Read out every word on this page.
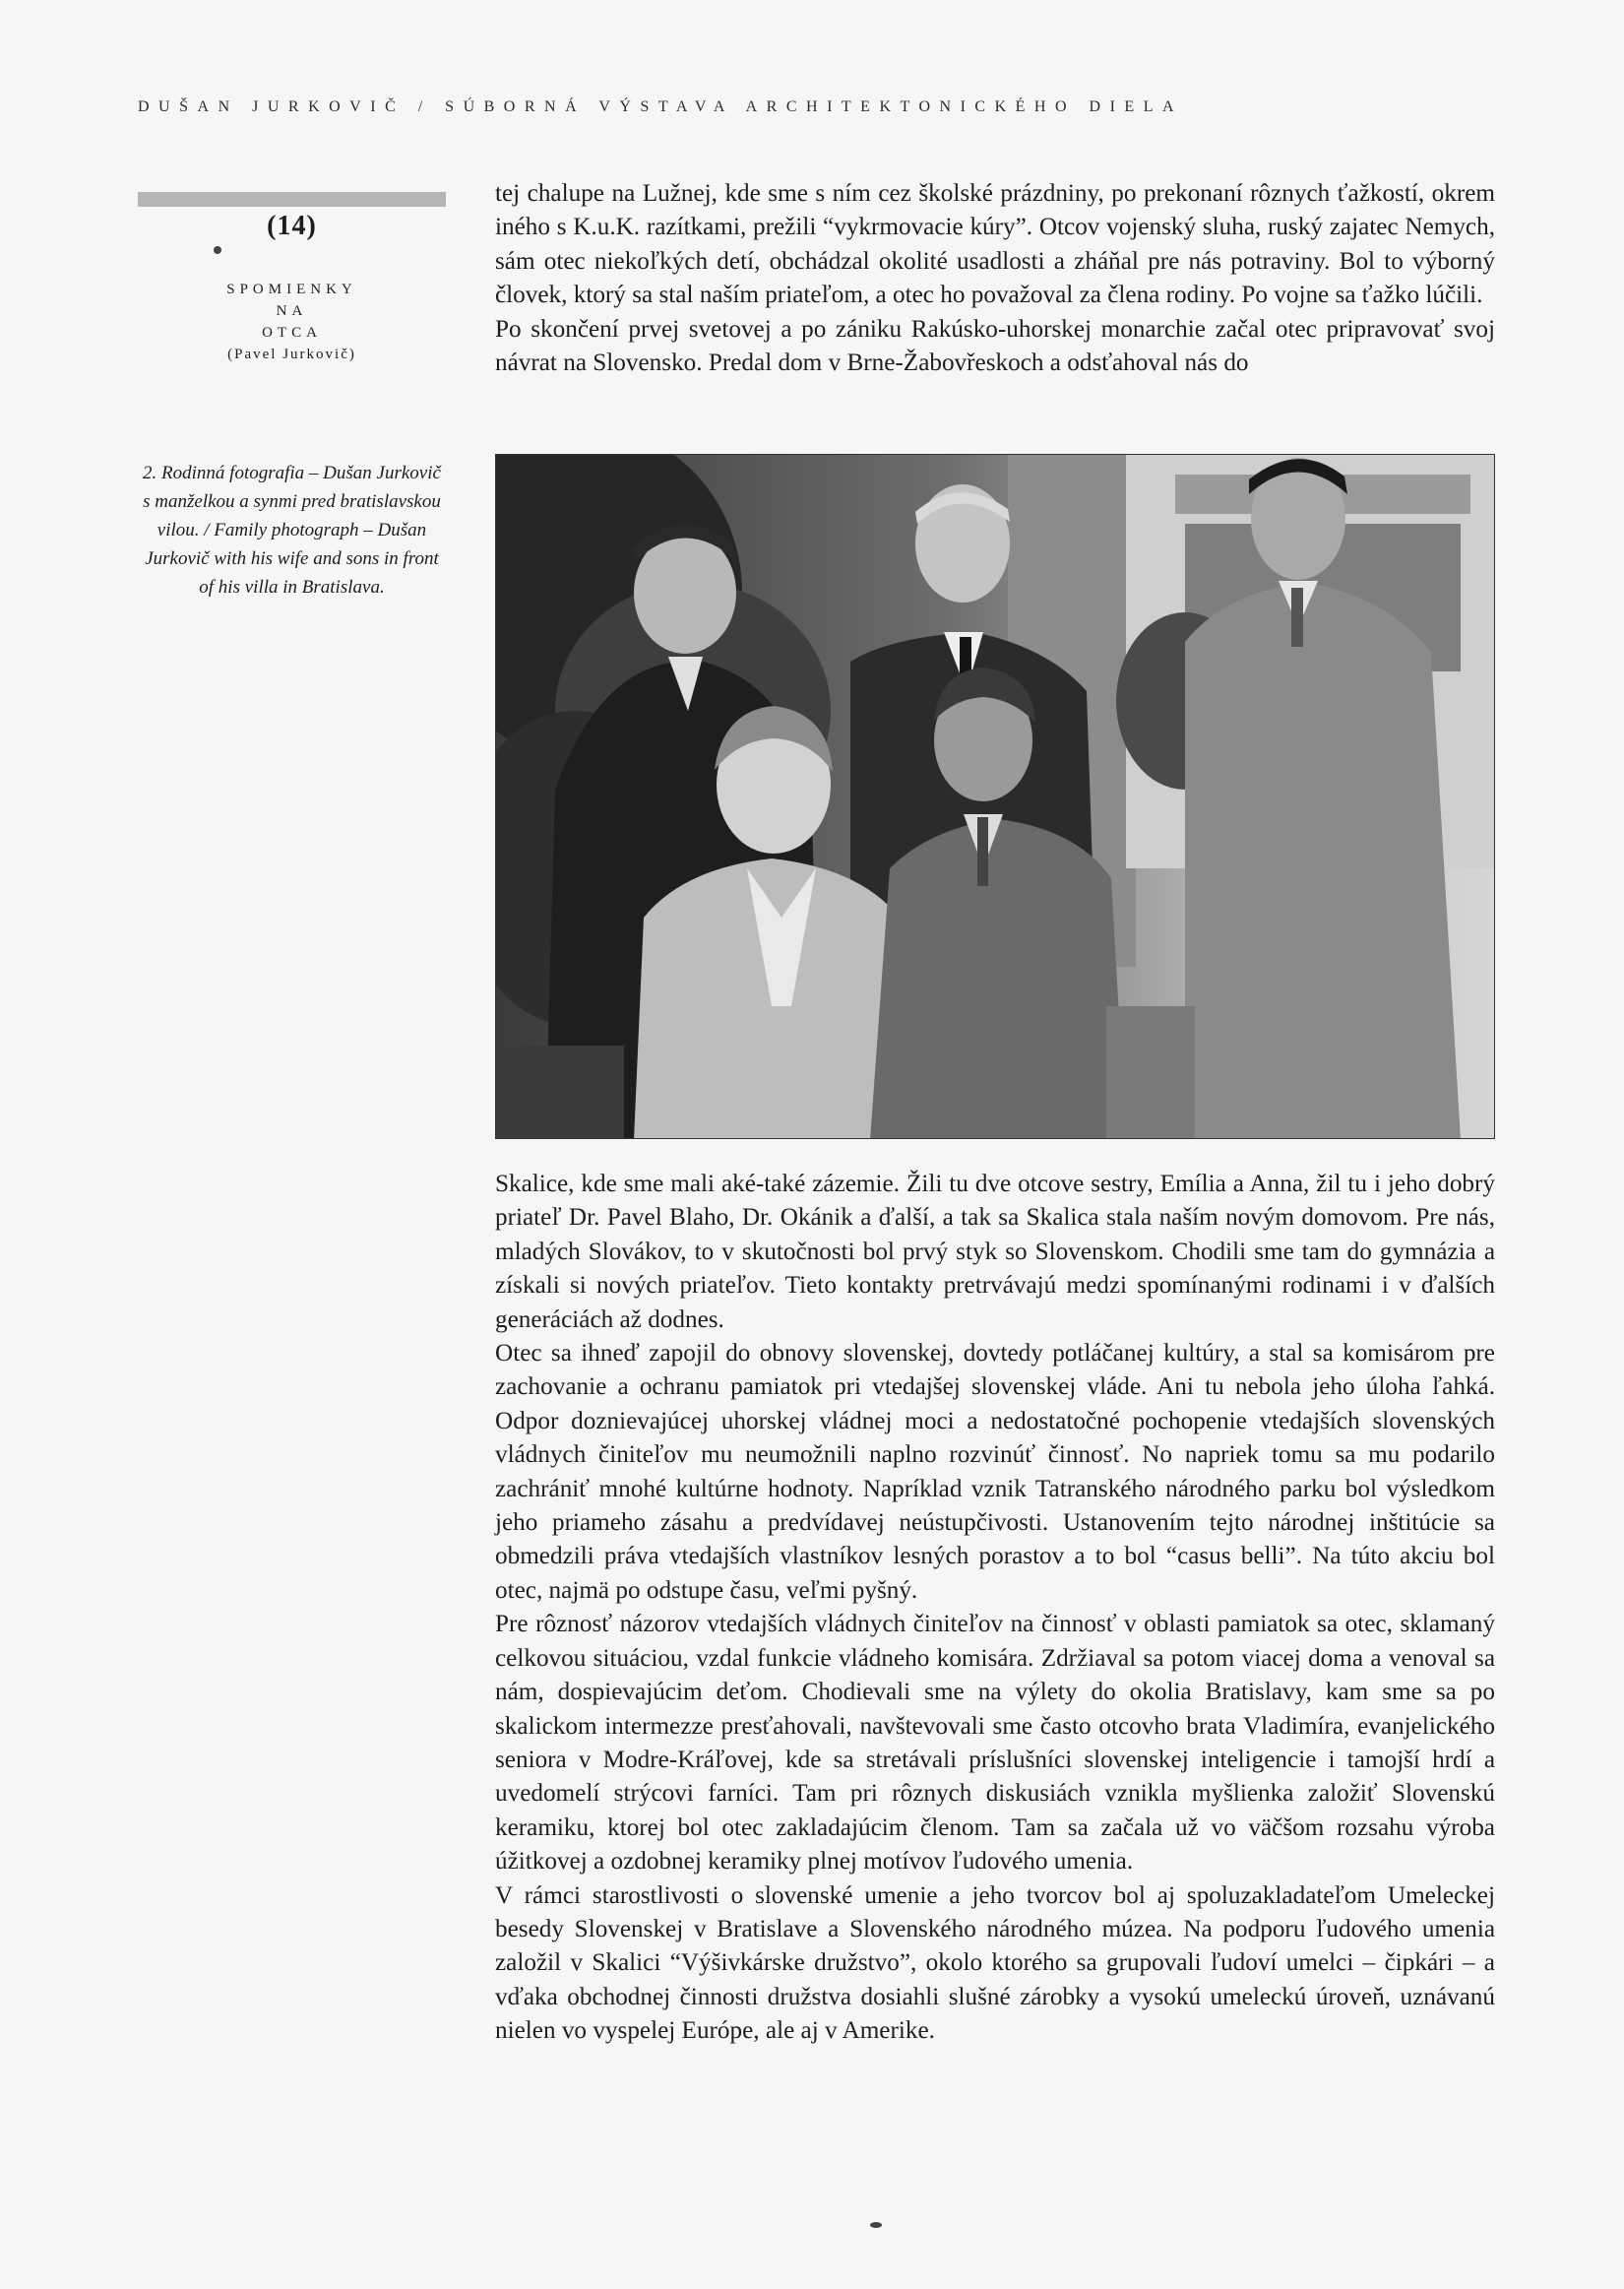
DUŠAN JURKOVIČ / SÚBORNÁ VÝSTAVA ARCHITEKTONICKÉHO DIELA
(14)
SPOMIENKY
NA
OTCA
(Pavel Jurkovič)
2. Rodinná fotografia – Dušan Jurkovič s manželkou a synmi pred bratislavskou vilou. / Family photograph – Dušan Jurkovič with his wife and sons in front of his villa in Bratislava.

tej chalupe na Lužnej, kde sme s ním cez školské prázdniny, po prekonaní rôznych ťažkostí, okrem iného s K.u.K. razítkami, prežili “vykrmovacie kúry”. Otcov vojenský sluha, ruský zajatec Nemych, sám otec niekoľkých detí, obchádzal okolité usadlosti a zháňal pre nás potraviny. Bol to výborný človek, ktorý sa stal naším priateľom, a otec ho považoval za člena rodiny. Po vojne sa ťažko lúčili.

Po skončení prvej svetovej a po zániku Rakúsko-uhorskej monarchie začal otec pripravovať svoj návrat na Slovensko. Predal dom v Brne-Žabovřeskoch a odsťahoval nás do

Skalice, kde sme mali aké-také zázemie. Žili tu dve otcove sestry, Emília a Anna, žil tu i jeho dobrý priateľ Dr. Pavel Blaho, Dr. Okánik a ďalší, a tak sa Skalica stala naším novým domovom. Pre nás, mladých Slovákov, to v skutočnosti bol prvý styk so Slovenskom. Chodili sme tam do gymnázia a získali si nových priateľov. Tieto kontakty pretrvávajú medzi spomínanými rodinami i v ďalších generáciách až dodnes.

Otec sa ihneď zapojil do obnovy slovenskej, dovtedy potláčanej kultúry, a stal sa komisárom pre zachovanie a ochranu pamiatok pri vtedajšej slovenskej vláde. Ani tu nebola jeho úloha ľahká. Odpor doznievajúcej uhorskej vládnej moci a nedostatočné pochopenie vtedajších slovenských vládnych činiteľov mu neumožnili naplno rozvinúť činnosť. No napriek tomu sa mu podarilo zachrániť mnohé kultúrne hodnoty. Napríklad vznik Tatranského národného parku bol výsledkom jeho priameho zásahu a predvídavej neústupčivosti. Ustanovením tejto národnej inštitúcie sa obmedzili práva vtedajších vlastníkov lesných porastov a to bol “casus belli”. Na túto akciu bol otec, najmä po odstupe času, veľmi pyšný.

Pre rôznosť názorov vtedajších vládnych činiteľov na činnosť v oblasti pamiatok sa otec, sklamaný celkovou situáciou, vzdal funkcie vládneho komisára. Zdržiaval sa potom viacej doma a venoval sa nám, dospievajúcim deťom. Chodievali sme na výlety do okolia Bratislavy, kam sme sa po skalickom intermezze presťahovali, navštevovali sme často otcovho brata Vladimíra, evanjelického seniora v Modre-Kráľovej, kde sa stretávali príslušníci slovenskej inteligencie i tamojší hrdí a uvedomelí strýcovi farníci. Tam pri rôznych diskusiách vznikla myšlienka založiť Slovenskú keramiku, ktorej bol otec zakladajúcim členom. Tam sa začala už vo väčšom rozsahu výroba úžitkovej a ozdobnej keramiky plnej motívov ľudového umenia.

V rámci starostlivosti o slovenské umenie a jeho tvorcov bol aj spoluzakladateľom Umeleckej besedy Slovenskej v Bratislave a Slovenského národného múzea. Na podporu ľudového umenia založil v Skalici “Výšivkárske družstvo”, okolo ktorého sa grupovali ľudoví umelci – čipkári – a vďaka obchodnej činnosti družstva dosiahli slušné zárobky a vysokú umeleckú úroveň, uznávanú nielen vo vyspelej Európe, ale aj v Amerike.
